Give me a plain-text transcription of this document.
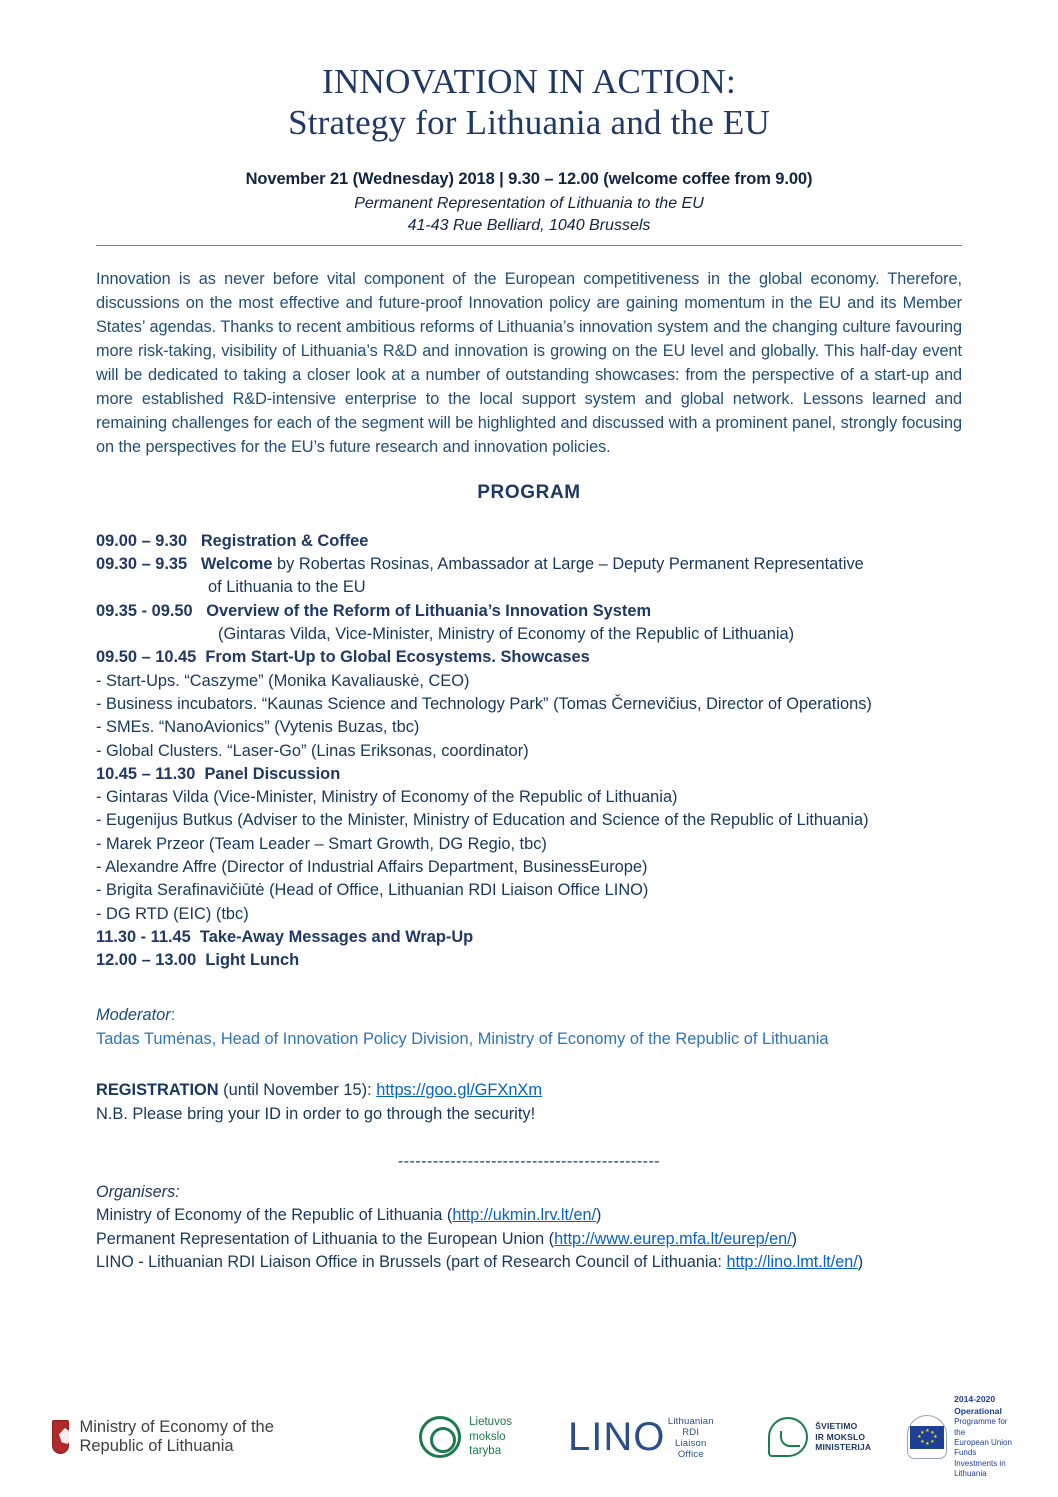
INNOVATION IN ACTION:
Strategy for Lithuania and the EU
November 21 (Wednesday) 2018 | 9.30 – 12.00 (welcome coffee from 9.00)
Permanent Representation of Lithuania to the EU
41-43 Rue Belliard, 1040 Brussels

Innovation is as never before vital component of the European competitiveness in the global economy. Therefore, discussions on the most effective and future-proof Innovation policy are gaining momentum in the EU and its Member States’ agendas. Thanks to recent ambitious reforms of Lithuania’s innovation system and the changing culture favouring more risk-taking, visibility of Lithuania’s R&D and innovation is growing on the EU level and globally. This half-day event will be dedicated to taking a closer look at a number of outstanding showcases: from the perspective of a start-up and more established R&D-intensive enterprise to the local support system and global network. Lessons learned and remaining challenges for each of the segment will be highlighted and discussed with a prominent panel, strongly focusing on the perspectives for the EU’s future research and innovation policies.

PROGRAM
09.00 – 9.30 Registration & Coffee
09.30 – 9.35 Welcome by Robertas Rosinas, Ambassador at Large – Deputy Permanent Representative
of Lithuania to the EU
09.35 - 09.50 Overview of the Reform of Lithuania’s Innovation System
(Gintaras Vilda, Vice-Minister, Ministry of Economy of the Republic of Lithuania)
09.50 – 10.45 From Start-Up to Global Ecosystems. Showcases
- Start-Ups. “Caszyme” (Monika Kavaliauskė, CEO)
- Business incubators. “Kaunas Science and Technology Park” (Tomas Černevičius, Director of Operations)
- SMEs. “NanoAvionics” (Vytenis Buzas, tbc)
- Global Clusters. “Laser-Go” (Linas Eriksonas, coordinator)
10.45 – 11.30 Panel Discussion
- Gintaras Vilda (Vice-Minister, Ministry of Economy of the Republic of Lithuania)
- Eugenijus Butkus (Adviser to the Minister, Ministry of Education and Science of the Republic of Lithuania)
- Marek Przeor (Team Leader – Smart Growth, DG Regio, tbc)
- Alexandre Affre (Director of Industrial Affairs Department, BusinessEurope)
- Brigita Serafinavičiūtė (Head of Office, Lithuanian RDI Liaison Office LINO)
- DG RTD (EIC) (tbc)
11.30 - 11.45 Take-Away Messages and Wrap-Up
12.00 – 13.00 Light Lunch
Moderator:
Tadas Tumėnas, Head of Innovation Policy Division, Ministry of Economy of the Republic of Lithuania
REGISTRATION (until November 15): https://goo.gl/GFXnXm
N.B. Please bring your ID in order to go through the security!
---------------------------------------------
Organisers:
Ministry of Economy of the Republic of Lithuania (http://ukmin.lrv.lt/en/)
Permanent Representation of Lithuania to the European Union (http://www.eurep.mfa.lt/eurep/en/)
LINO - Lithuanian RDI Liaison Office in Brussels (part of Research Council of Lithuania: http://lino.lmt.lt/en/)
Ministry of Economy of the Republic of Lithuania
Lietuvos
mokslo
taryba LINO Lithuanian RDI Liaison Office
ŠVIETIMO
IR MOKSLO
MINISTERIJA
★ ★
★
★
★
★
★
★
2014-2020 Operational
Programme for the
European Union Funds
Investments in Lithuania
